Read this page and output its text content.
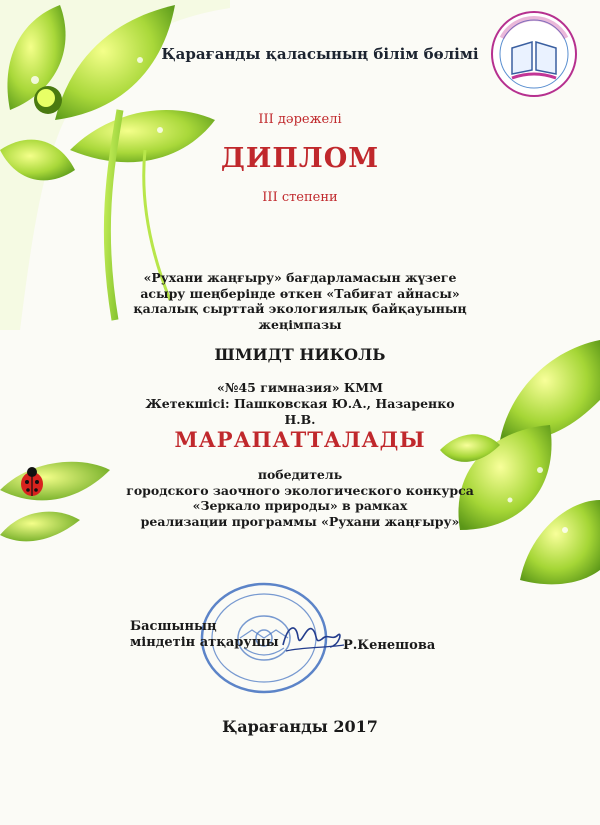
Қарағанды қаласының білім бөлімі
III дәрежелі
ДИПЛОМ
III степени
«Рухани жаңғыру» бағдарламасын жүзеге
асыру шеңберінде өткен «Табиғат айнасы»
қалалық сырттай экологиялық байқауының
жеңімпазы
ШМИДТ НИКОЛЬ
«№45 гимназия» КММ
Жетекшісі: Пашковская Ю.А., Назаренко Н.В.
МАРАПАТТАЛАДЫ
победитель
городского заочного экологического конкурса
«Зеркало природы» в рамках
реализации программы «Рухани жаңғыру»
Басшының
міндетін атқарушы	Р.Кенешова
Қарағанды 2017
